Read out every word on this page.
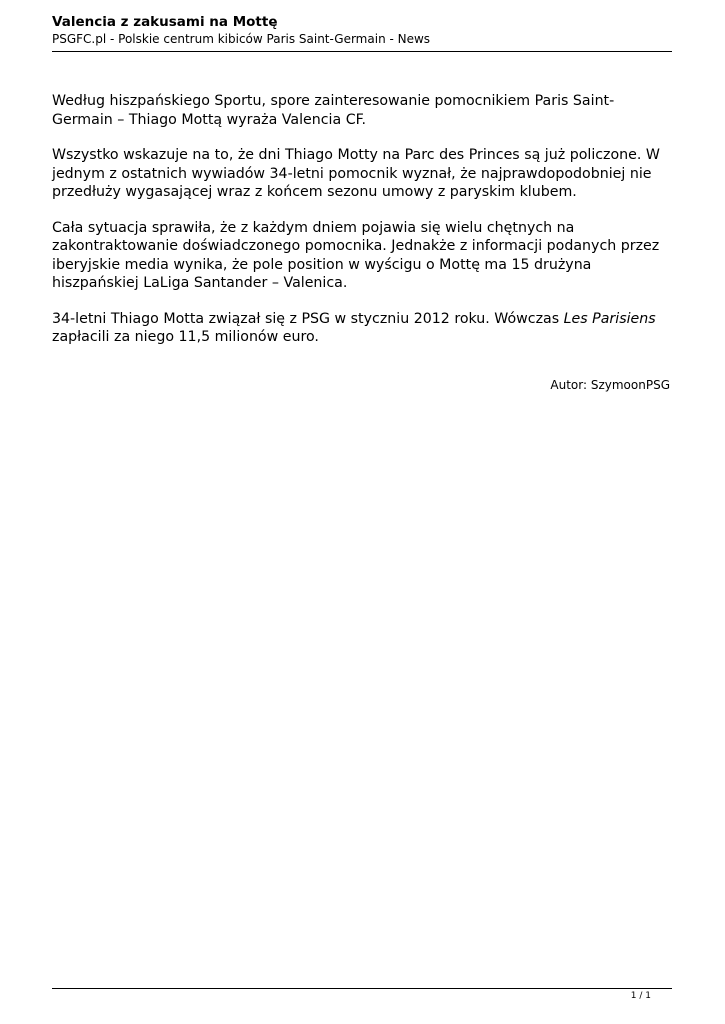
Valencia z zakusami na Mottę

PSGFC.pl - Polskie centrum kibiców Paris Saint-Germain - News

Według hiszpańskiego Sportu, spore zainteresowanie pomocnikiem Paris Saint-Germain – Thiago Mottą wyraża Valencia CF.

Wszystko wskazuje na to, że dni Thiago Motty na Parc des Princes są już policzone. W jednym z ostatnich wywiadów 34-letni pomocnik wyznał, że najprawdopodobniej nie przedłuży wygasającej wraz z końcem sezonu umowy z paryskim klubem.

Cała sytuacja sprawiła, że z każdym dniem pojawia się wielu chętnych na zakontraktowanie doświadczonego pomocnika. Jednakże z informacji podanych przez iberyjskie media wynika, że pole position w wyścigu o Mottę ma 15 drużyna hiszpańskiej LaLiga Santander – Valenica.

34-letni Thiago Motta związał się z PSG w styczniu 2012 roku. Wówczas Les Parisiens zapłacili za niego 11,5 milionów euro.

Autor: SzymoonPSG
1 / 1
